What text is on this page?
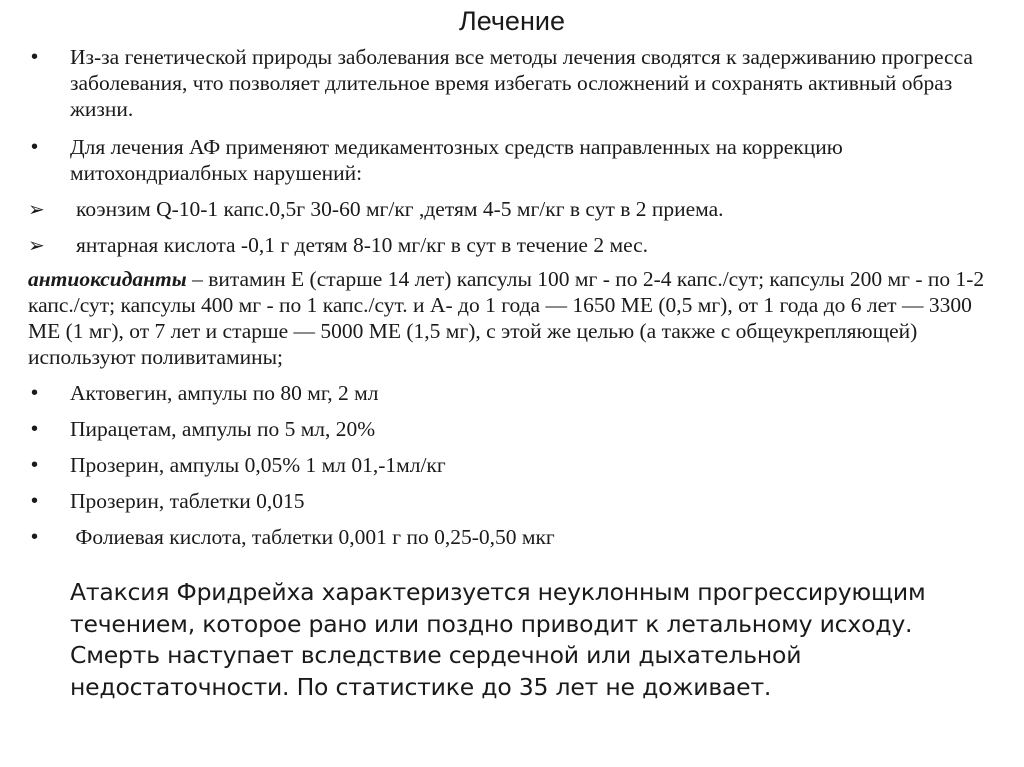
Лечение
•	Из-за генетической природы заболевания все методы лечения сводятся к задерживанию прогресса заболевания, что позволяет длительное время избегать осложнений и сохранять активный образ жизни.
•	Для лечения АФ применяют медикаментозных средств направленных на коррекцию митохондриалбных нарушений:
➢	коэнзим Q-10-1 капс.0,5г 30-60 мг/кг ,детям 4-5 мг/кг в сут в 2 приема.
➢	янтарная кислота -0,1 г детям 8-10 мг/кг в сут в течение 2 мес.
антиоксиданты – витамин Е (старше 14 лет) капсулы 100 мг - по 2-4 капс./сут; капсулы 200 мг - по 1-2 капс./сут; капсулы 400 мг - по 1 капс./сут. и А- до 1 года — 1650 МЕ (0,5 мг), от 1 года до 6 лет — 3300 МЕ (1 мг), от 7 лет и старше — 5000 МЕ (1,5 мг), с этой же целью (а также с общеукрепляющей) используют поливитамины;
•	Актовегин, ампулы по 80 мг, 2 мл
•	Пирацетам, ампулы по 5 мл, 20%
•	Прозерин, ампулы 0,05% 1 мл 01,-1мл/кг
•	Прозерин, таблетки 0,015
•	Фолиевая кислота, таблетки 0,001 г по 0,25-0,50 мкг
Атаксия Фридрейха характеризуется неуклонным прогрессирующим течением, которое рано или поздно приводит к летальному исходу. Смерть наступает вследствие сердечной или дыхательной недостаточности. По статистике до 35 лет не доживает.
